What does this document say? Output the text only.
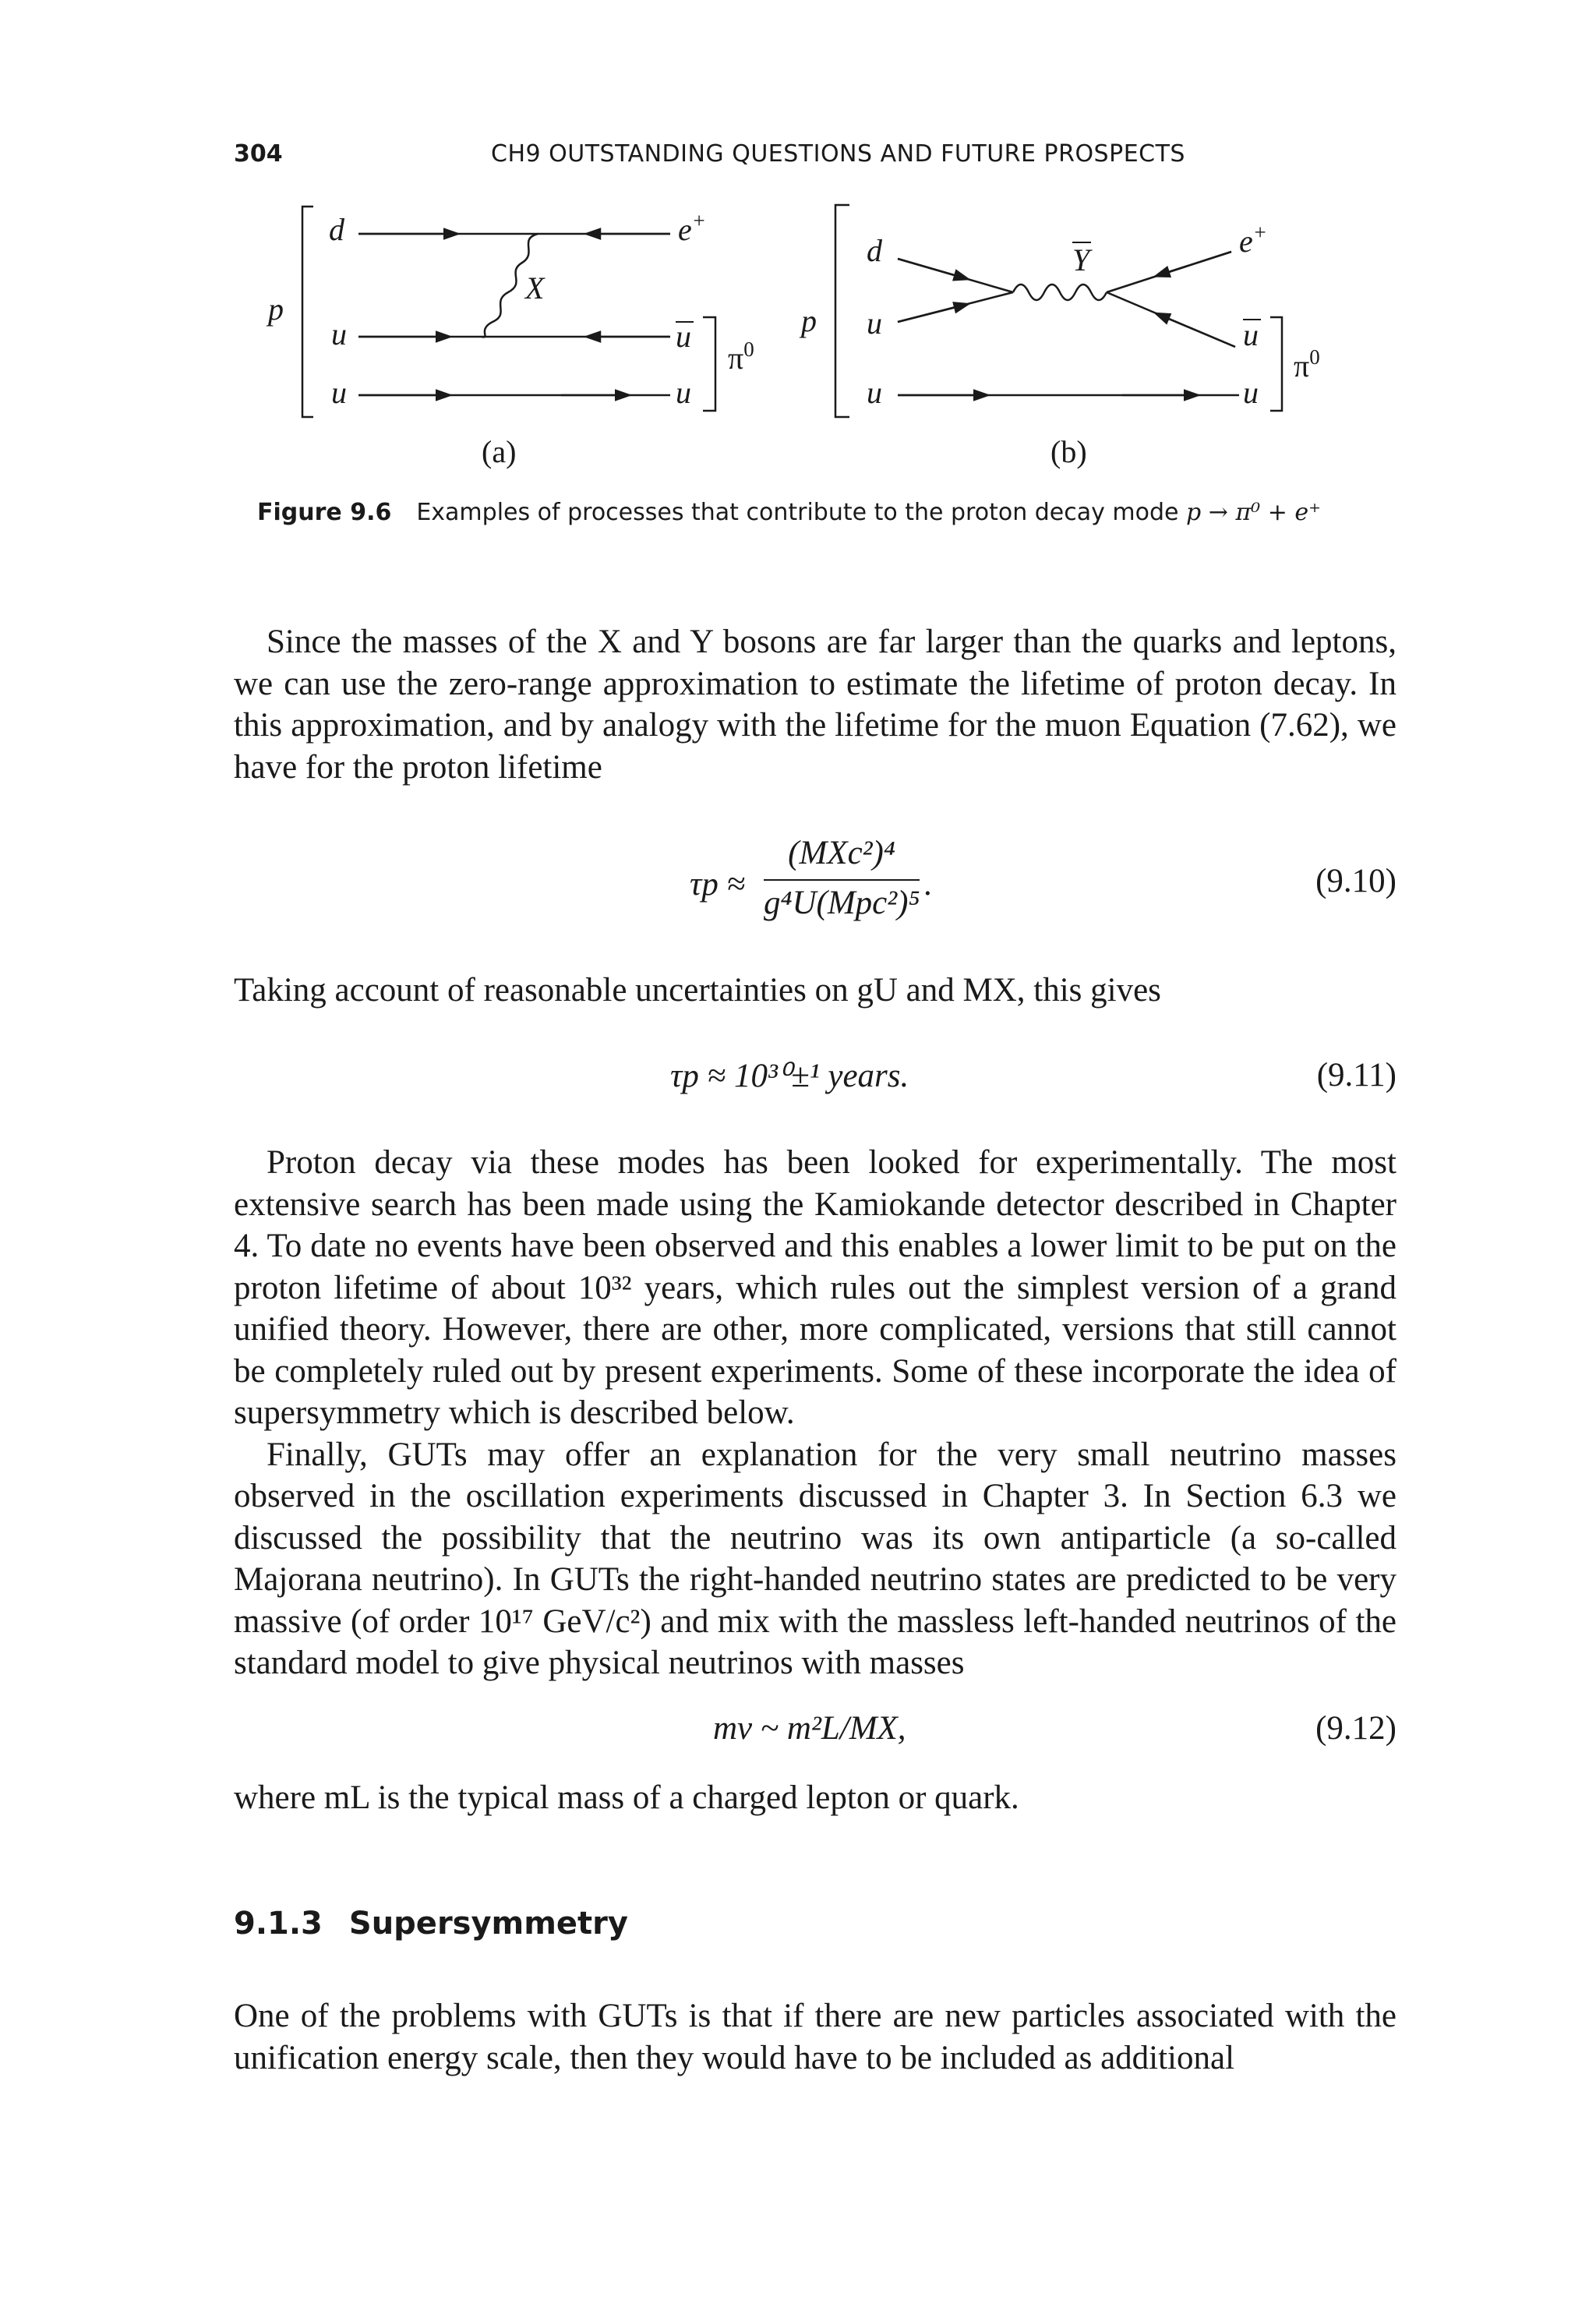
304	CH9 OUTSTANDING QUESTIONS AND FUTURE PROSPECTS
p
d
u
u
X
e+
u
u
$\pi^0$
(a)
p
d
u
u
Y
e+
u
u
$\pi^0$
(b)
Figure 9.6 Examples of processes that contribute to the proton decay mode p → π⁰ + e⁺

Since the masses of the X and Y bosons are far larger than the quarks and leptons, we can use the zero-range approximation to estimate the lifetime of proton decay. In this approximation, and by analogy with the lifetime for the muon Equation (7.62), we have for the proton lifetime

τp ≈
(MXc²)⁴
g⁴U(Mpc²)⁵
.	(9.10)

Taking account of reasonable uncertainties on gU and MX, this gives

τp ≈ 10³⁰±¹ years.	(9.11)

Proton decay via these modes has been looked for experimentally. The most extensive search has been made using the Kamiokande detector described in Chapter 4. To date no events have been observed and this enables a lower limit to be put on the proton lifetime of about 10³² years, which rules out the simplest version of a grand unified theory. However, there are other, more complicated, versions that still cannot be completely ruled out by present experiments. Some of these incorporate the idea of supersymmetry which is described below.

Finally, GUTs may offer an explanation for the very small neutrino masses observed in the oscillation experiments discussed in Chapter 3. In Section 6.3 we discussed the possibility that the neutrino was its own antiparticle (a so-called Majorana neutrino). In GUTs the right-handed neutrino states are predicted to be very massive (of order 10¹⁷ GeV/c²) and mix with the massless left-handed neutrinos of the standard model to give physical neutrinos with masses

mν ~ m²L/MX,	(9.12)

where mL is the typical mass of a charged lepton or quark.

9.1.3 Supersymmetry

One of the problems with GUTs is that if there are new particles associated with the unification energy scale, then they would have to be included as additional
